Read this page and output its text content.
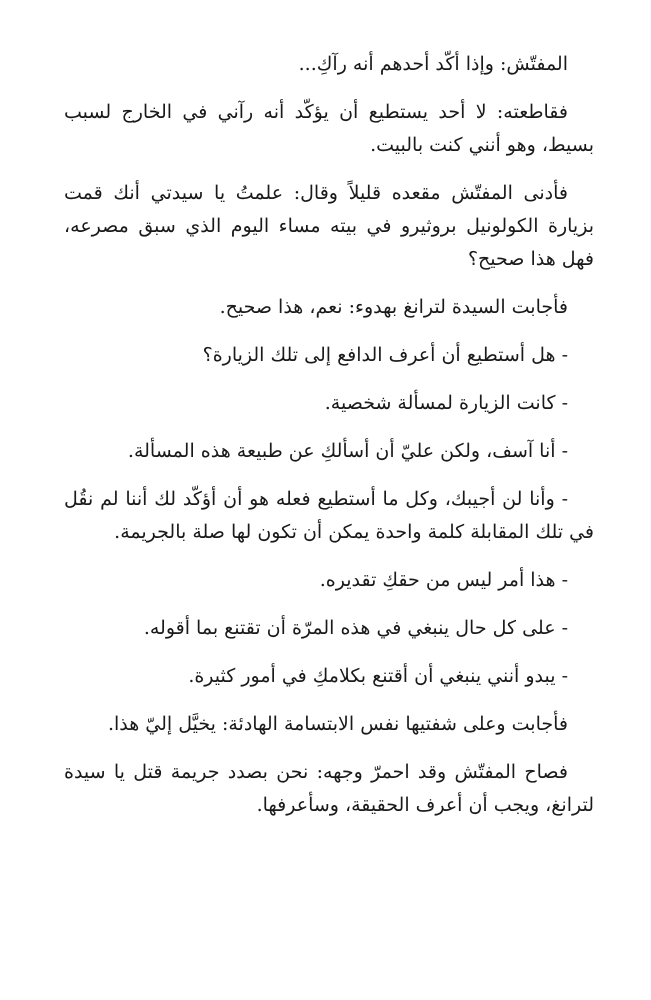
المفتّش: وإذا أكّد أحدهم أنه رآكِ...

فقاطعته: لا أحد يستطيع أن يؤكّد أنه رآني في الخارج لسبب بسيط، وهو أنني كنت بالبيت.

فأدنى المفتّش مقعده قليلاً وقال: علمتُ يا سيدتي أنك قمت بزيارة الكولونيل بروثيرو في بيته مساء اليوم الذي سبق مصرعه، فهل هذا صحيح؟

فأجابت السيدة لترانغ بهدوء: نعم، هذا صحيح.

- هل أستطيع أن أعرف الدافع إلى تلك الزيارة؟

- كانت الزيارة لمسألة شخصية.

- أنا آسف، ولكن عليّ أن أسألكِ عن طبيعة هذه المسألة.

- وأنا لن أجيبك، وكل ما أستطيع فعله هو أن أؤكّد لك أننا لم نقُل في تلك المقابلة كلمة واحدة يمكن أن تكون لها صلة بالجريمة.

- هذا أمر ليس من حقكِ تقديره.

- على كل حال ينبغي في هذه المرّة أن تقتنع بما أقوله.

- يبدو أنني ينبغي أن أقتنع بكلامكِ في أمور كثيرة.

فأجابت وعلى شفتيها نفس الابتسامة الهادئة: يخيَّل إليّ هذا.

فصاح المفتّش وقد احمرّ وجهه: نحن بصدد جريمة قتل يا سيدة لترانغ، ويجب أن أعرف الحقيقة، وسأعرفها.
